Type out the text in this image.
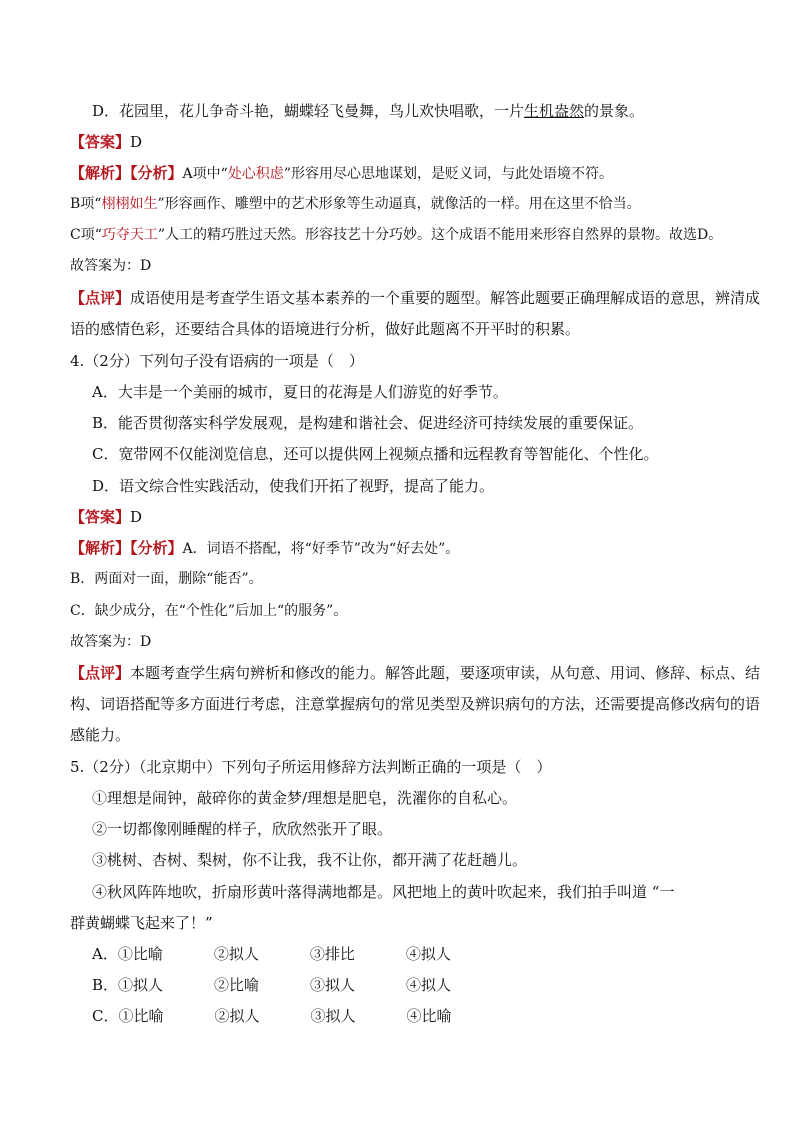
D．花园里，花儿争奇斗艳，蝴蝶轻飞曼舞，鸟儿欢快唱歌，一片生机盎然的景象。
【答案】D
【解析】【分析】A项中“处心积虑”形容用尽心思地谋划，是贬义词，与此处语境不符。
B项“栩栩如生”形容画作、雕塑中的艺术形象等生动逼真，就像活的一样。用在这里不恰当。
C项“巧夺天工”人工的精巧胜过天然。形容技艺十分巧妙。这个成语不能用来形容自然界的景物。故选D。
故答案为：D
【点评】成语使用是考查学生语文基本素养的一个重要的题型。解答此题要正确理解成语的意思，辨清成
语的感情色彩，还要结合具体的语境进行分析，做好此题离不开平时的积累。
4.（2分）下列句子没有语病的一项是（　）
A．大丰是一个美丽的城市，夏日的花海是人们游览的好季节。
B．能否贯彻落实科学发展观，是构建和谐社会、促进经济可持续发展的重要保证。
C．宽带网不仅能浏览信息，还可以提供网上视频点播和远程教育等智能化、个性化。
D．语文综合性实践活动，使我们开拓了视野，提高了能力。
【答案】D
【解析】【分析】A．词语不搭配，将“好季节”改为“好去处”。
B．两面对一面，删除“能否”。
C．缺少成分，在“个性化”后加上“的服务”。
故答案为：D
【点评】本题考查学生病句辨析和修改的能力。解答此题，要逐项审读，从句意、用词、修辞、标点、结
构、词语搭配等多方面进行考虑，注意掌握病句的常见类型及辨识病句的方法，还需要提高修改病句的语
感能力。
5.（2分）（北京期中）下列句子所运用修辞方法判断正确的一项是（　）
①理想是闹钟，敲碎你的黄金梦/理想是肥皂，洗濯你的自私心。
②一切都像刚睡醒的样子，欣欣然张开了眼。
③桃树、杏树、梨树，你不让我，我不让你，都开满了花赶趟儿。
④秋风阵阵地吹，折扇形黄叶落得满地都是。风把地上的黄叶吹起来，我们拍手叫道 “一
群黄蝴蝶飞起来了！”
A．①比喻	②拟人	③排比	④拟人
B．①拟人	②比喻	③拟人	④拟人
C．①比喻	②拟人	③拟人	④比喻
